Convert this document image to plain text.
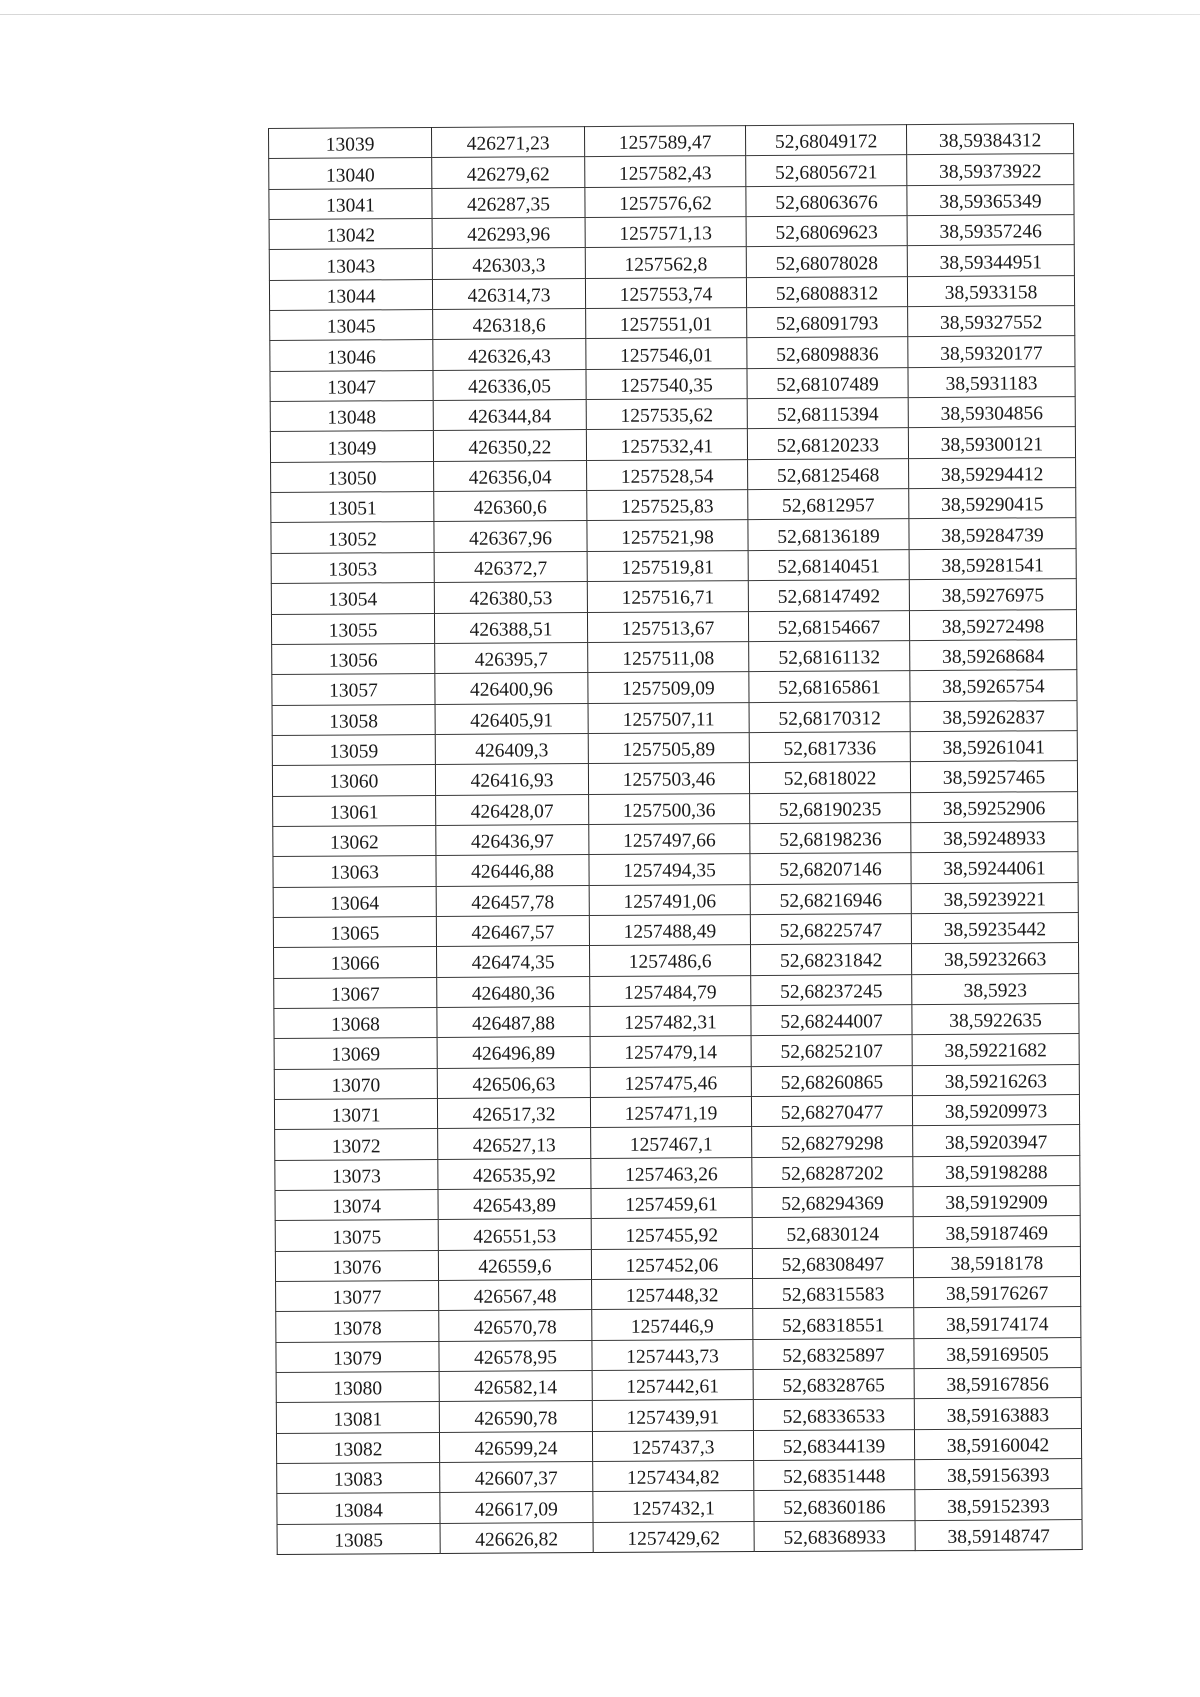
13039	426271,23	1257589,47	52,68049172	38,59384312
13040	426279,62	1257582,43	52,68056721	38,59373922
13041	426287,35	1257576,62	52,68063676	38,59365349
13042	426293,96	1257571,13	52,68069623	38,59357246
13043	426303,3	1257562,8	52,68078028	38,59344951
13044	426314,73	1257553,74	52,68088312	38,5933158
13045	426318,6	1257551,01	52,68091793	38,59327552
13046	426326,43	1257546,01	52,68098836	38,59320177
13047	426336,05	1257540,35	52,68107489	38,5931183
13048	426344,84	1257535,62	52,68115394	38,59304856
13049	426350,22	1257532,41	52,68120233	38,59300121
13050	426356,04	1257528,54	52,68125468	38,59294412
13051	426360,6	1257525,83	52,6812957	38,59290415
13052	426367,96	1257521,98	52,68136189	38,59284739
13053	426372,7	1257519,81	52,68140451	38,59281541
13054	426380,53	1257516,71	52,68147492	38,59276975
13055	426388,51	1257513,67	52,68154667	38,59272498
13056	426395,7	1257511,08	52,68161132	38,59268684
13057	426400,96	1257509,09	52,68165861	38,59265754
13058	426405,91	1257507,11	52,68170312	38,59262837
13059	426409,3	1257505,89	52,6817336	38,59261041
13060	426416,93	1257503,46	52,6818022	38,59257465
13061	426428,07	1257500,36	52,68190235	38,59252906
13062	426436,97	1257497,66	52,68198236	38,59248933
13063	426446,88	1257494,35	52,68207146	38,59244061
13064	426457,78	1257491,06	52,68216946	38,59239221
13065	426467,57	1257488,49	52,68225747	38,59235442
13066	426474,35	1257486,6	52,68231842	38,59232663
13067	426480,36	1257484,79	52,68237245	38,5923
13068	426487,88	1257482,31	52,68244007	38,5922635
13069	426496,89	1257479,14	52,68252107	38,59221682
13070	426506,63	1257475,46	52,68260865	38,59216263
13071	426517,32	1257471,19	52,68270477	38,59209973
13072	426527,13	1257467,1	52,68279298	38,59203947
13073	426535,92	1257463,26	52,68287202	38,59198288
13074	426543,89	1257459,61	52,68294369	38,59192909
13075	426551,53	1257455,92	52,6830124	38,59187469
13076	426559,6	1257452,06	52,68308497	38,5918178
13077	426567,48	1257448,32	52,68315583	38,59176267
13078	426570,78	1257446,9	52,68318551	38,59174174
13079	426578,95	1257443,73	52,68325897	38,59169505
13080	426582,14	1257442,61	52,68328765	38,59167856
13081	426590,78	1257439,91	52,68336533	38,59163883
13082	426599,24	1257437,3	52,68344139	38,59160042
13083	426607,37	1257434,82	52,68351448	38,59156393
13084	426617,09	1257432,1	52,68360186	38,59152393
13085	426626,82	1257429,62	52,68368933	38,59148747
